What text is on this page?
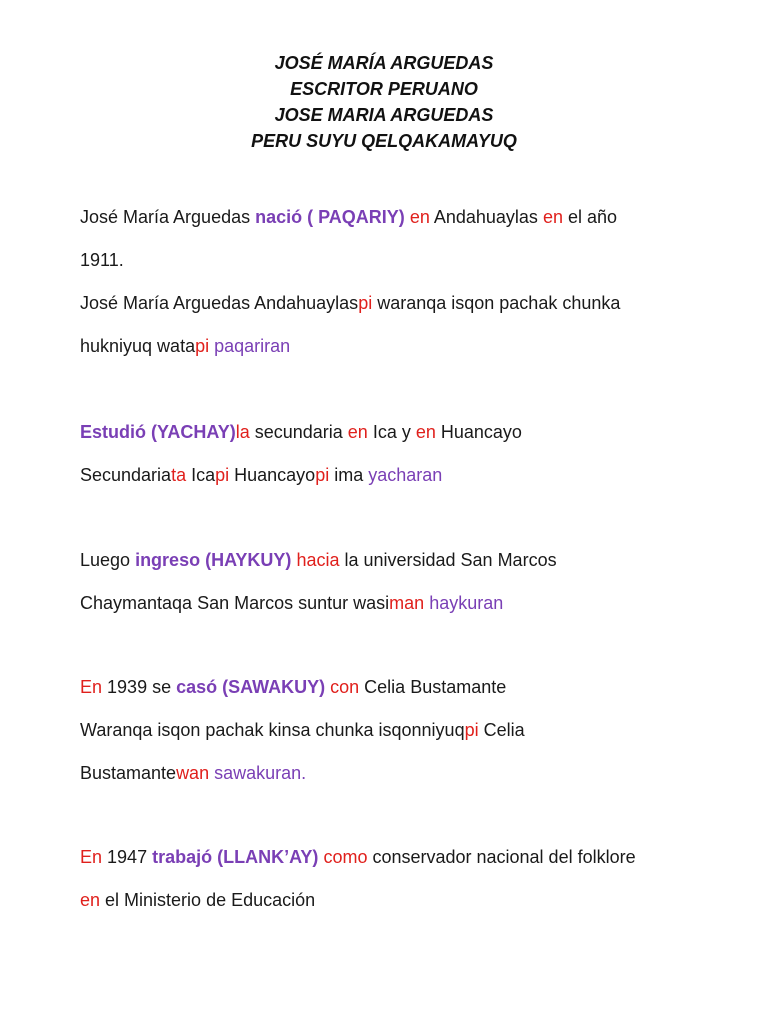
JOSÉ MARÍA ARGUEDAS
ESCRITOR PERUANO
JOSE MARIA ARGUEDAS
PERU SUYU QELQAKAMAYUQ
José María Arguedas nació ( PAQARIY) en Andahuaylas en el año
1911.
José María Arguedas Andahuaylaspi waranqa isqon pachak chunka
hukniyuq watapi paqariran
Estudió (YACHAY)la secundaria en Ica y en Huancayo
Secundariata Icapi Huancayopi ima yacharan
Luego ingreso (HAYKUY) hacia la universidad San Marcos
Chaymantaqa San Marcos suntur wasiman haykuran
En 1939 se casó (SAWAKUY) con Celia Bustamante
Waranqa isqon pachak kinsa chunka isqonniyuqpi Celia
Bustamantewan sawakuran.
En 1947 trabajó (LLANK’AY) como conservador nacional del folklore
en el Ministerio de Educación
